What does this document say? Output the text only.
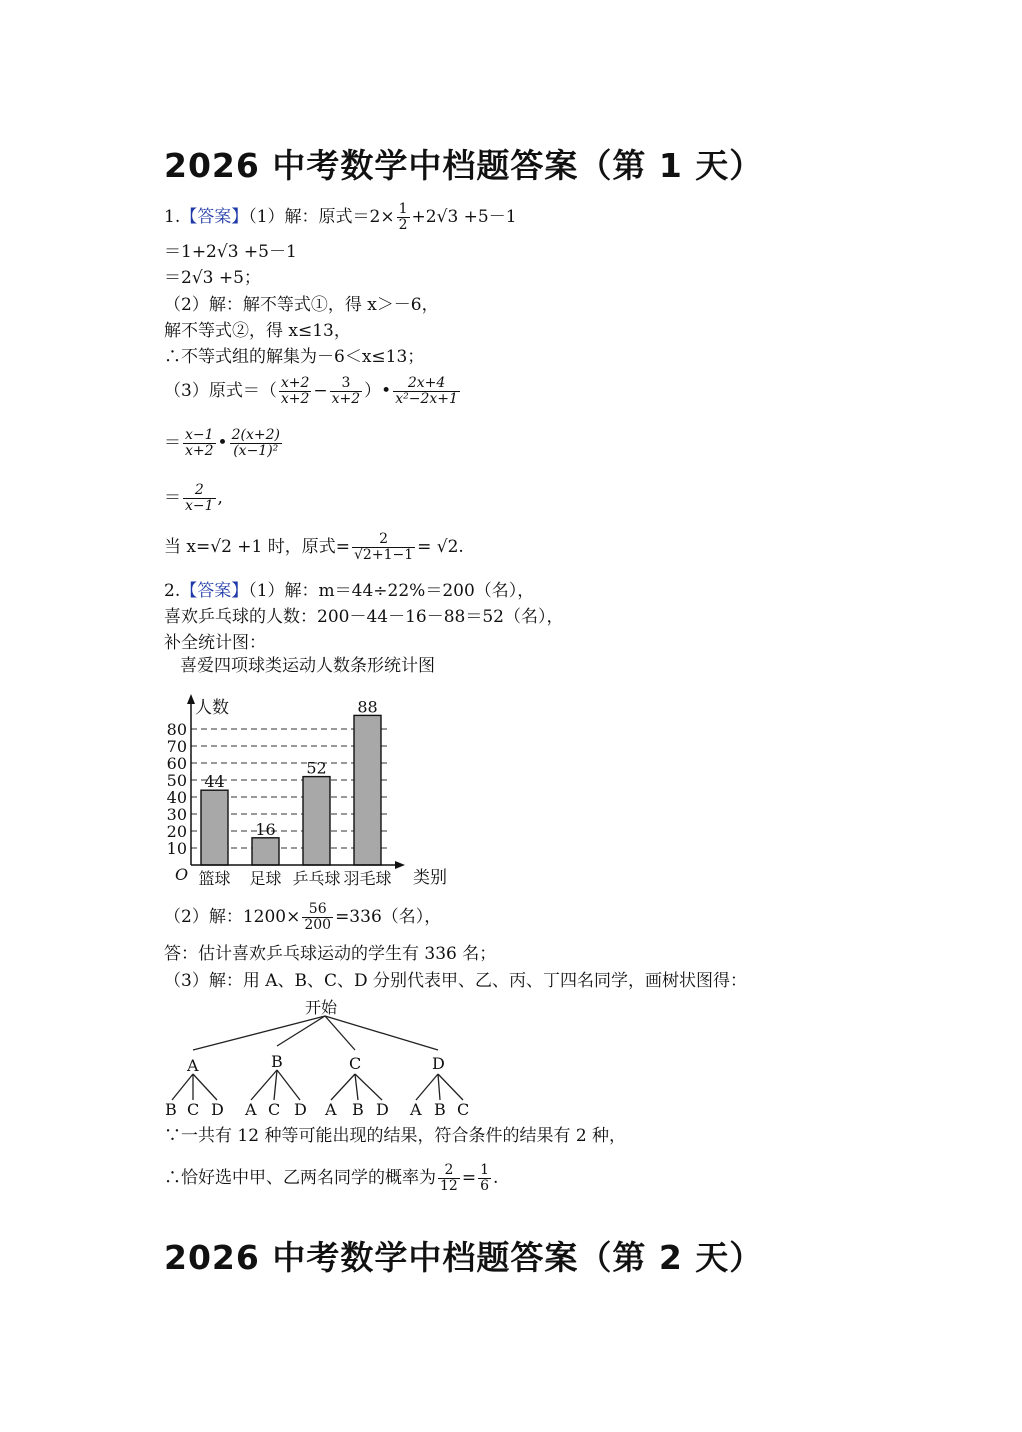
2026 中考数学中档题答案（第 1 天）
1.【答案】（1）解：原式$=2\times \frac{1}{2} +2√3 +5-1$
＝1+2√3 +5－1
＝2√3 +5；
（2）解：解不等式①，得 x＞－6，
解不等式②，得 x≤13，
∴不等式组的解集为－6＜x≤13；
（3）原式＝（ $\frac{x+2}{x+2} - \frac{3}{x+2}$ ）• $\frac{2x+4}{\text{x²−2x+1}}$
＝ $\frac{x-1}{x+2}$ • $\frac{2(x+2)}{\text{(x−1)²}}$
＝ $\frac{2}{x-1}$ ,
当 x=√2 +1 时，原式= $\frac{2}{√2+1-1} = √2$.
2.【答案】（1）解：m＝44÷22%＝200（名），
喜欢乒乓球的人数：200－44－16－88＝52（名），
补全统计图：
喜爱四项球类运动人数条形统计图
10
20
30
40
50
60
70
80
44
篮球
16
足球
52
乒乓球
88
羽毛球
人数
类别
O
（2）解：$1200\times \frac{56}{200} =336$（名），
答：估计喜欢乒乓球运动的学生有 336 名；
（3）解：用 A、B、C、D 分别代表甲、乙、丙、丁四名同学，画树状图得：
开始
A	B	C	D
B C D A C D A B D A B C
∵一共有 12 种等可能出现的结果，符合条件的结果有 2 种，
∴恰好选中甲、乙两名同学的概率为 $\frac{2}{12} = \frac{1}{6}$ .
2026 中考数学中档题答案（第 2 天）
